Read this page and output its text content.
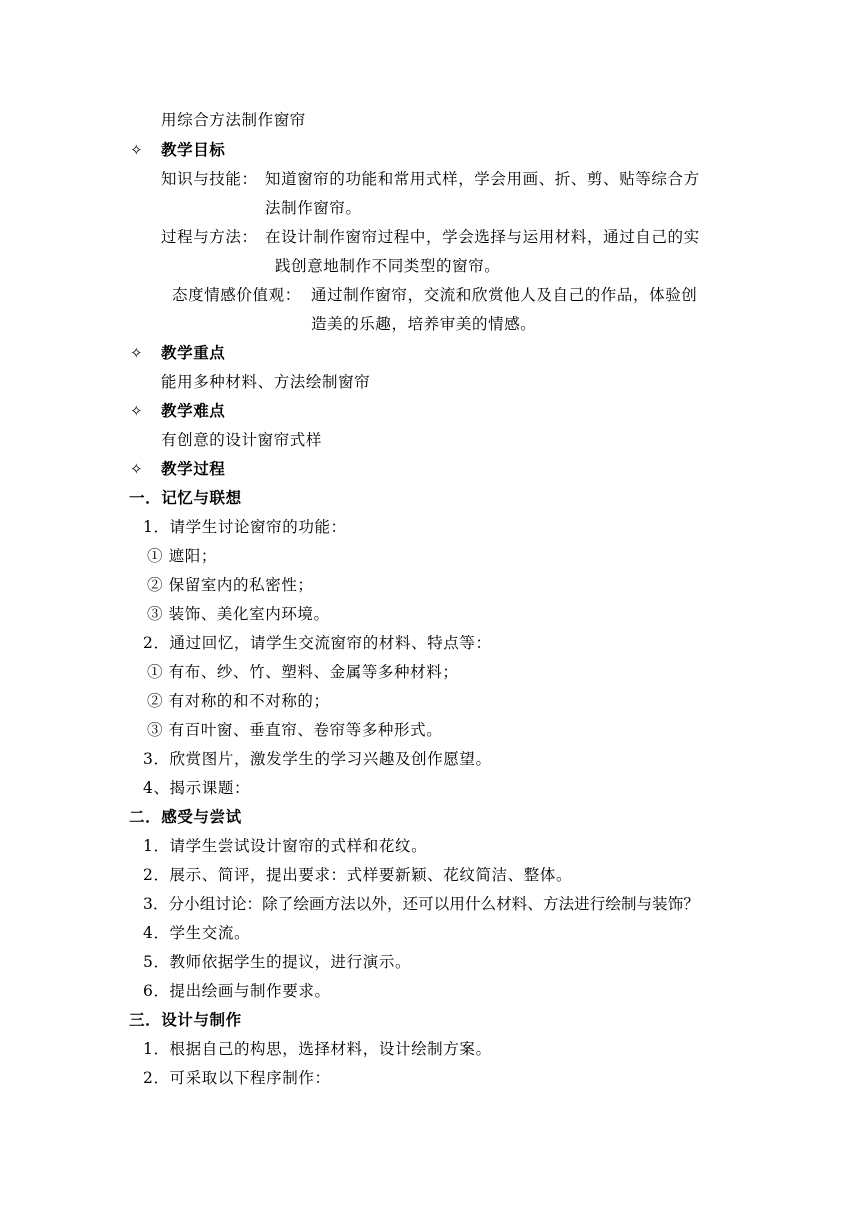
用综合方法制作窗帘
✧ 教学目标
知识与技能： 知道窗帘的功能和常用式样，学会用画、折、剪、贴等综合方
法制作窗帘。
过程与方法： 在设计制作窗帘过程中，学会选择与运用材料，通过自己的实
践创意地制作不同类型的窗帘。
态度情感价值观： 通过制作窗帘，交流和欣赏他人及自己的作品，体验创
造美的乐趣，培养审美的情感。
✧ 教学重点
能用多种材料、方法绘制窗帘
✧ 教学难点
有创意的设计窗帘式样
✧ 教学过程
一．记忆与联想
1．请学生讨论窗帘的功能：
① 遮阳；
② 保留室内的私密性；
③ 装饰、美化室内环境。
2．通过回忆，请学生交流窗帘的材料、特点等：
① 有布、纱、竹、塑料、金属等多种材料；
② 有对称的和不对称的；
③ 有百叶窗、垂直帘、卷帘等多种形式。
3．欣赏图片，激发学生的学习兴趣及创作愿望。
4、揭示课题：
二．感受与尝试
1．请学生尝试设计窗帘的式样和花纹。
2．展示、简评，提出要求：式样要新颖、花纹简洁、整体。
3．分小组讨论：除了绘画方法以外，还可以用什么材料、方法进行绘制与装饰？
4．学生交流。
5．教师依据学生的提议，进行演示。
6．提出绘画与制作要求。
三．设计与制作
1．根据自己的构思，选择材料，设计绘制方案。
2．可采取以下程序制作：
